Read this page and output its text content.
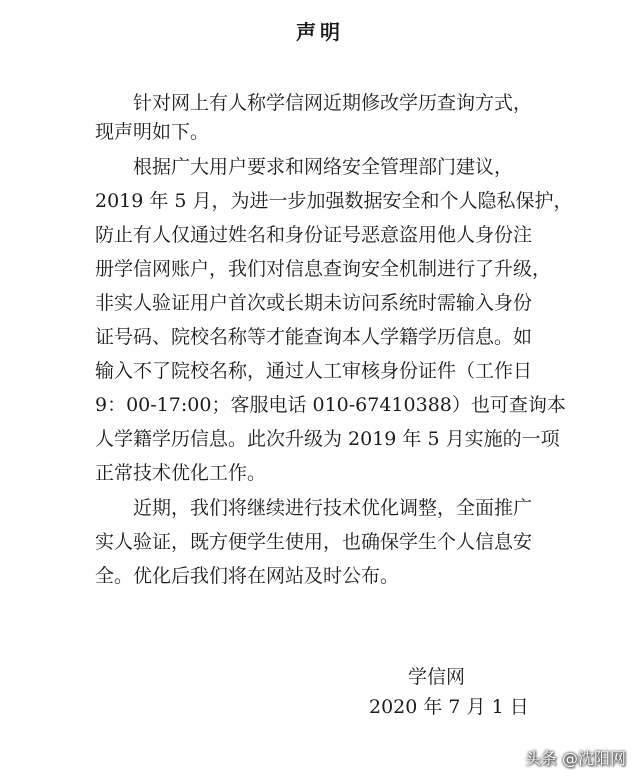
声明
针对网上有人称学信网近期修改学历查询方式，
现声明如下。
根据广大用户要求和网络安全管理部门建议，
2019 年 5 月，为进一步加强数据安全和个人隐私保护，
防止有人仅通过姓名和身份证号恶意盗用他人身份注
册学信网账户，我们对信息查询安全机制进行了升级，
非实人验证用户首次或长期未访问系统时需输入身份
证号码、院校名称等才能查询本人学籍学历信息。如
输入不了院校名称，通过人工审核身份证件（工作日
9：00-17:00；客服电话 010-67410388）也可查询本
人学籍学历信息。此次升级为 2019 年 5 月实施的一项
正常技术优化工作。
近期，我们将继续进行技术优化调整，全面推广
实人验证，既方便学生使用，也确保学生个人信息安
全。优化后我们将在网站及时公布。
学信网
2020 年 7 月 1 日
头条 @沈阳网
